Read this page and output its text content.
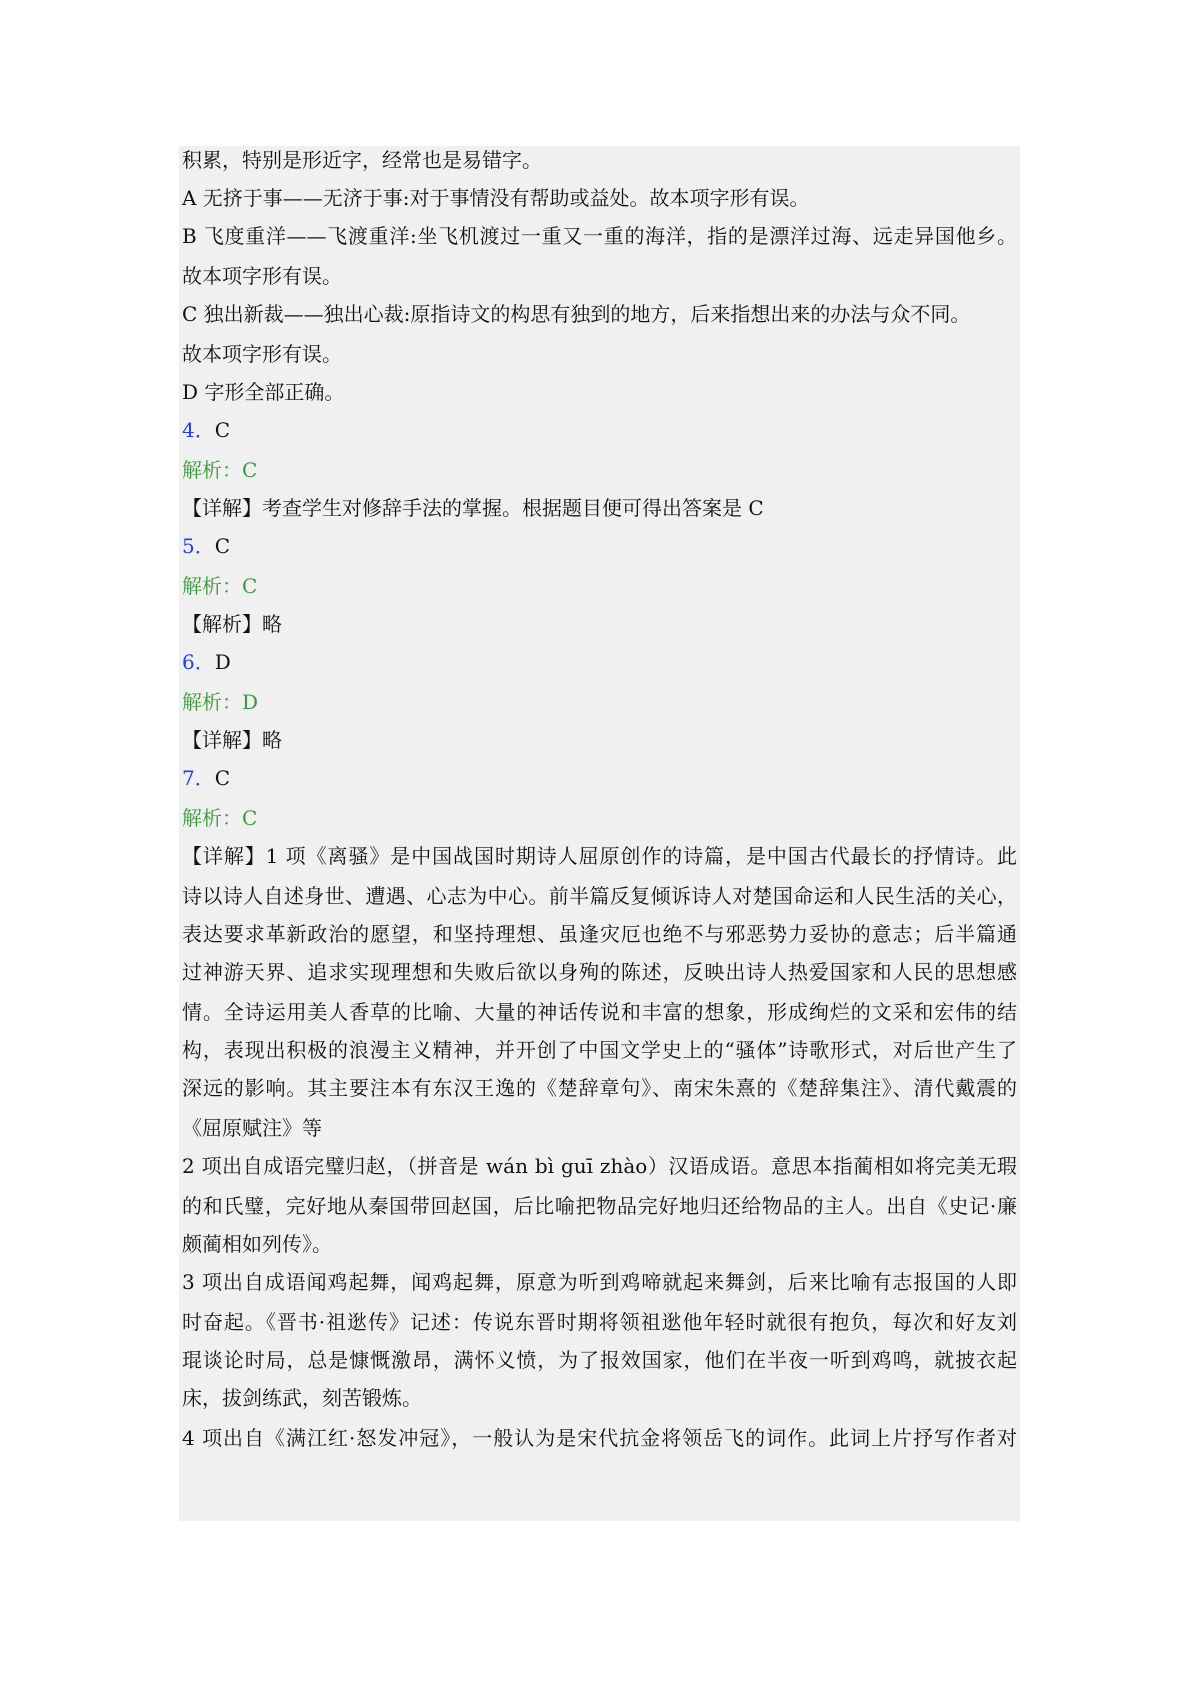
积累，特别是形近字，经常也是易错字。
A 无挤于事——无济于事:对于事情没有帮助或益处。故本项字形有误。
B 飞度重洋——飞渡重洋:坐飞机渡过一重又一重的海洋，指的是漂洋过海、远走异国他乡。
故本项字形有误。
C 独出新裁——独出心裁:原指诗文的构思有独到的地方，后来指想出来的办法与众不同。
故本项字形有误。
D 字形全部正确。
4．C
解析：C
【详解】考查学生对修辞手法的掌握。根据题目便可得出答案是 C
5．C
解析：C
【解析】略
6．D
解析：D
【详解】略
7．C
解析：C
【详解】1 项《离骚》是中国战国时期诗人屈原创作的诗篇，是中国古代最长的抒情诗。此
诗以诗人自述身世、遭遇、心志为中心。前半篇反复倾诉诗人对楚国命运和人民生活的关心，
表达要求革新政治的愿望，和坚持理想、虽逢灾厄也绝不与邪恶势力妥协的意志；后半篇通
过神游天界、追求实现理想和失败后欲以身殉的陈述，反映出诗人热爱国家和人民的思想感
情。全诗运用美人香草的比喻、大量的神话传说和丰富的想象，形成绚烂的文采和宏伟的结
构，表现出积极的浪漫主义精神，并开创了中国文学史上的“骚体”诗歌形式，对后世产生了
深远的影响。其主要注本有东汉王逸的《楚辞章句》、南宋朱熹的《楚辞集注》、清代戴震的
《屈原赋注》等
2 项出自成语完璧归赵，（拼音是 wán bì guī zhào）汉语成语。意思本指蔺相如将完美无瑕
的和氏璧，完好地从秦国带回赵国，后比喻把物品完好地归还给物品的主人。出自《史记·廉
颇蔺相如列传》。
3 项出自成语闻鸡起舞，闻鸡起舞，原意为听到鸡啼就起来舞剑，后来比喻有志报国的人即
时奋起。《晋书·祖逖传》记述：传说东晋时期将领祖逖他年轻时就很有抱负，每次和好友刘
琨谈论时局，总是慷慨激昂，满怀义愤，为了报效国家，他们在半夜一听到鸡鸣，就披衣起
床，拔剑练武，刻苦锻炼。
4 项出自《满江红·怒发冲冠》，一般认为是宋代抗金将领岳飞的词作。此词上片抒写作者对
